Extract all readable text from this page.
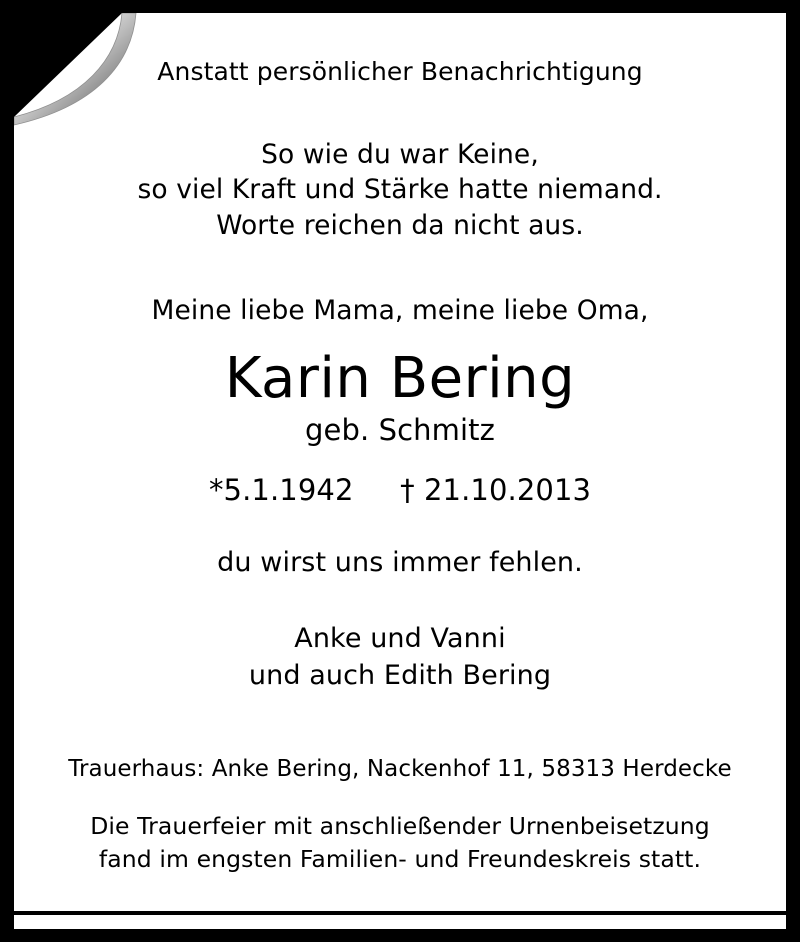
Anstatt persönlicher Benachrichtigung
So wie du war Keine,
so viel Kraft und Stärke hatte niemand.
Worte reichen da nicht aus.
Meine liebe Mama, meine liebe Oma,
Karin Bering
geb. Schmitz
*5.1.1942     † 21.10.2013
du wirst uns immer fehlen.
Anke und Vanni
und auch Edith Bering
Trauerhaus: Anke Bering, Nackenhof 11, 58313 Herdecke
Die Trauerfeier mit anschließender Urnenbeisetzung
fand im engsten Familien- und Freundeskreis statt.
